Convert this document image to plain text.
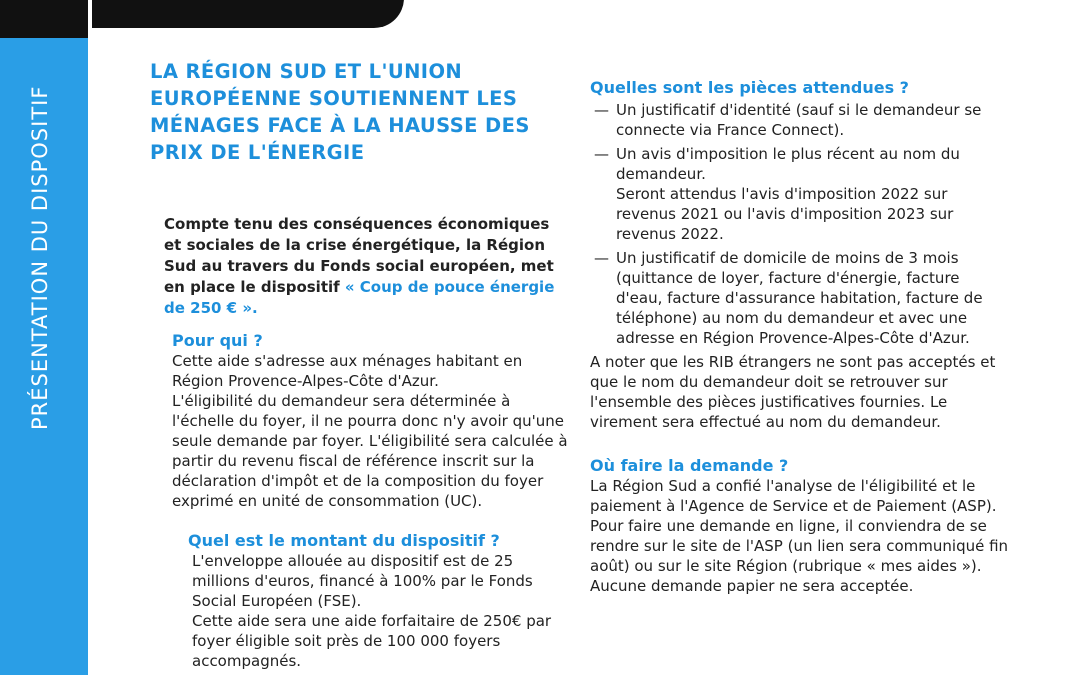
PRÉSENTATION DU DISPOSITIF
LA RÉGION SUD ET L'UNION EUROPÉENNE SOUTIENNENT LES MÉNAGES FACE À LA HAUSSE DES PRIX DE L'ÉNERGIE

Compte tenu des conséquences économiques et sociales de la crise énergétique, la Région Sud au travers du Fonds social européen, met en place le dispositif « Coup de pouce énergie de 250 € ».

Pour qui ?

Cette aide s'adresse aux ménages habitant en Région Provence-Alpes-Côte d'Azur.

L'éligibilité du demandeur sera déterminée à l'échelle du foyer, il ne pourra donc n'y avoir qu'une seule demande par foyer. L'éligibilité sera calculée à partir du revenu fiscal de référence inscrit sur la déclaration d'impôt et de la composition du foyer exprimé en unité de consommation (UC).

Quel est le montant du dispositif ?

L'enveloppe allouée au dispositif est de 25 millions d'euros, financé à 100% par le Fonds Social Européen (FSE).

Cette aide sera une aide forfaitaire de 250€ par foyer éligible soit près de 100 000 foyers accompagnés.

Quelles sont les pièces attendues ?
— Un justificatif d'identité (sauf si le demandeur se connecte via France Connect).
— Un avis d'imposition le plus récent au nom du demandeur.
Seront attendus l'avis d'imposition 2022 sur revenus 2021 ou l'avis d'imposition 2023 sur revenus 2022.
— Un justificatif de domicile de moins de 3 mois (quittance de loyer, facture d'énergie, facture d'eau, facture d'assurance habitation, facture de téléphone) au nom du demandeur et avec une adresse en Région Provence-Alpes-Côte d'Azur.

A noter que les RIB étrangers ne sont pas acceptés et que le nom du demandeur doit se retrouver sur l'ensemble des pièces justificatives fournies. Le virement sera effectué au nom du demandeur.

Où faire la demande ?

La Région Sud a confié l'analyse de l'éligibilité et le paiement à l'Agence de Service et de Paiement (ASP).

Pour faire une demande en ligne, il conviendra de se rendre sur le site de l'ASP (un lien sera communiqué fin août) ou sur le site Région (rubrique « mes aides »).

Aucune demande papier ne sera acceptée.
